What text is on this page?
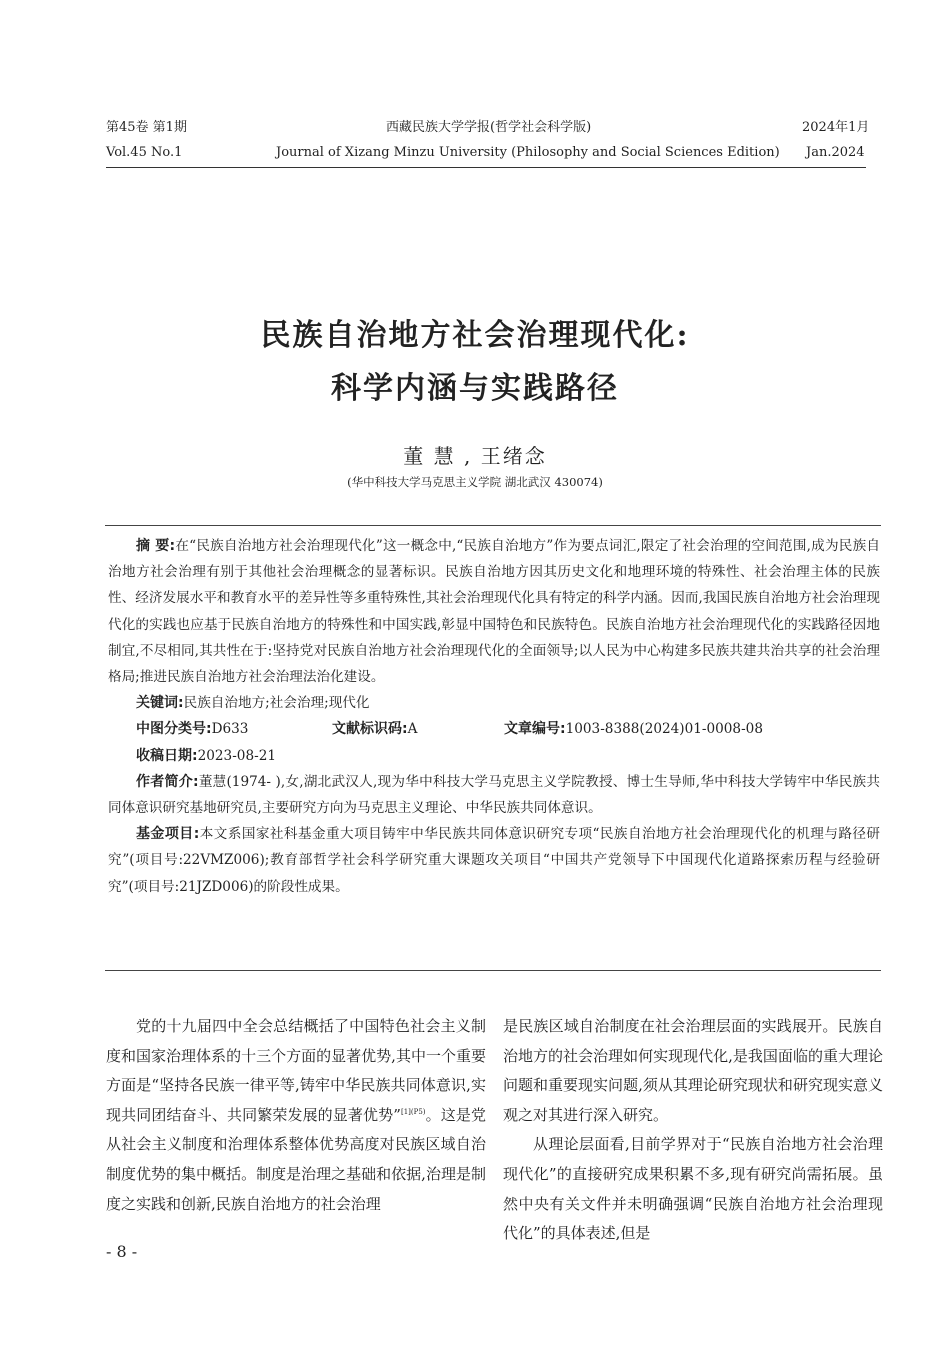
第45卷 第1期	西藏民族大学学报(哲学社会科学版)	2024年1月
Vol.45 No.1	Journal of Xizang Minzu University (Philosophy and Social Sciences Edition) Jan.2024
民族自治地方社会治理现代化:
科学内涵与实践路径
董 慧 , 王绪念
(华中科技大学马克思主义学院 湖北武汉 430074)

摘 要:在“民族自治地方社会治理现代化”这一概念中,“民族自治地方”作为要点词汇,限定了社会治理的空间范围,成为民族自治地方社会治理有别于其他社会治理概念的显著标识。民族自治地方因其历史文化和地理环境的特殊性、社会治理主体的民族性、经济发展水平和教育水平的差异性等多重特殊性,其社会治理现代化具有特定的科学内涵。因而,我国民族自治地方社会治理现代化的实践也应基于民族自治地方的特殊性和中国实践,彰显中国特色和民族特色。民族自治地方社会治理现代化的实践路径因地制宜,不尽相同,其共性在于:坚持党对民族自治地方社会治理现代化的全面领导;以人民为中心构建多民族共建共治共享的社会治理格局;推进民族自治地方社会治理法治化建设。

关键词:民族自治地方;社会治理;现代化

中图分类号:D633	文献标识码:A	文章编号:1003-8388(2024)01-0008-08

收稿日期:2023-08-21

作者简介:董慧(1974- ),女,湖北武汉人,现为华中科技大学马克思主义学院教授、博士生导师,华中科技大学铸牢中华民族共同体意识研究基地研究员,主要研究方向为马克思主义理论、中华民族共同体意识。

基金项目:本文系国家社科基金重大项目铸牢中华民族共同体意识研究专项“民族自治地方社会治理现代化的机理与路径研究”(项目号:22VMZ006);教育部哲学社会科学研究重大课题攻关项目“中国共产党领导下中国现代化道路探索历程与经验研究”(项目号:21JZD006)的阶段性成果。

党的十九届四中全会总结概括了中国特色社会主义制度和国家治理体系的十三个方面的显著优势,其中一个重要方面是“坚持各民族一律平等,铸牢中华民族共同体意识,实现共同团结奋斗、共同繁荣发展的显著优势”$^{[1](P5)}$。这是党从社会主义制度和治理体系整体优势高度对民族区域自治制度优势的集中概括。制度是治理之基础和依据,治理是制度之实践和创新,民族自治地方的社会治理

是民族区域自治制度在社会治理层面的实践展开。民族自治地方的社会治理如何实现现代化,是我国面临的重大理论问题和重要现实问题,须从其理论研究现状和研究现实意义观之对其进行深入研究。

从理论层面看,目前学界对于“民族自治地方社会治理现代化”的直接研究成果积累不多,现有研究尚需拓展。虽然中央有关文件并未明确强调“民族自治地方社会治理现代化”的具体表述,但是

- 8 -
